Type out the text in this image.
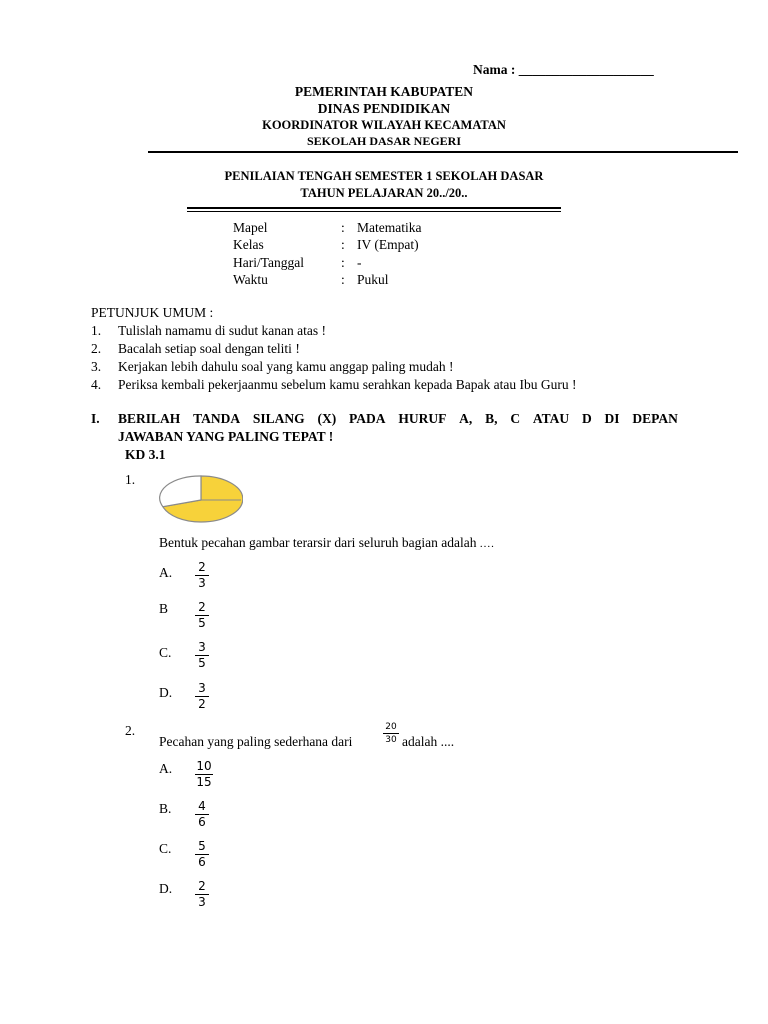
Nama : ____________________
PEMERINTAH KABUPATEN
DINAS PENDIDIKAN
KOORDINATOR WILAYAH KECAMATAN
SEKOLAH DASAR NEGERI
PENILAIAN TENGAH SEMESTER 1 SEKOLAH DASAR
TAHUN PELAJARAN 20../20..
Mapel	: Matematika
Kelas	: IV (Empat)
Hari/Tanggal	: -
Waktu	: Pukul
PETUNJUK UMUM :
1. Tulislah namamu di sudut kanan atas !
2. Bacalah setiap soal dengan teliti !
3. Kerjakan lebih dahulu soal yang kamu anggap paling mudah !
4. Periksa kembali pekerjaanmu sebelum kamu serahkan kepada Bapak atau Ibu Guru !
I. BERILAH TANDA SILANG (X) PADA HURUF A, B, C ATAU D DI DEPAN
JAWABAN YANG PALING TEPAT !
KD 3.1
1.
Bentuk pecahan gambar terarsir dari seluruh bagian adalah ....
A. 2
3
B	2
5
C. 3
5
D. 3
2
2.
Pecahan yang paling sederhana dari
20
30 adalah ....
A. 10
15
B. 4
6
C. 5
6
D. 2
3
